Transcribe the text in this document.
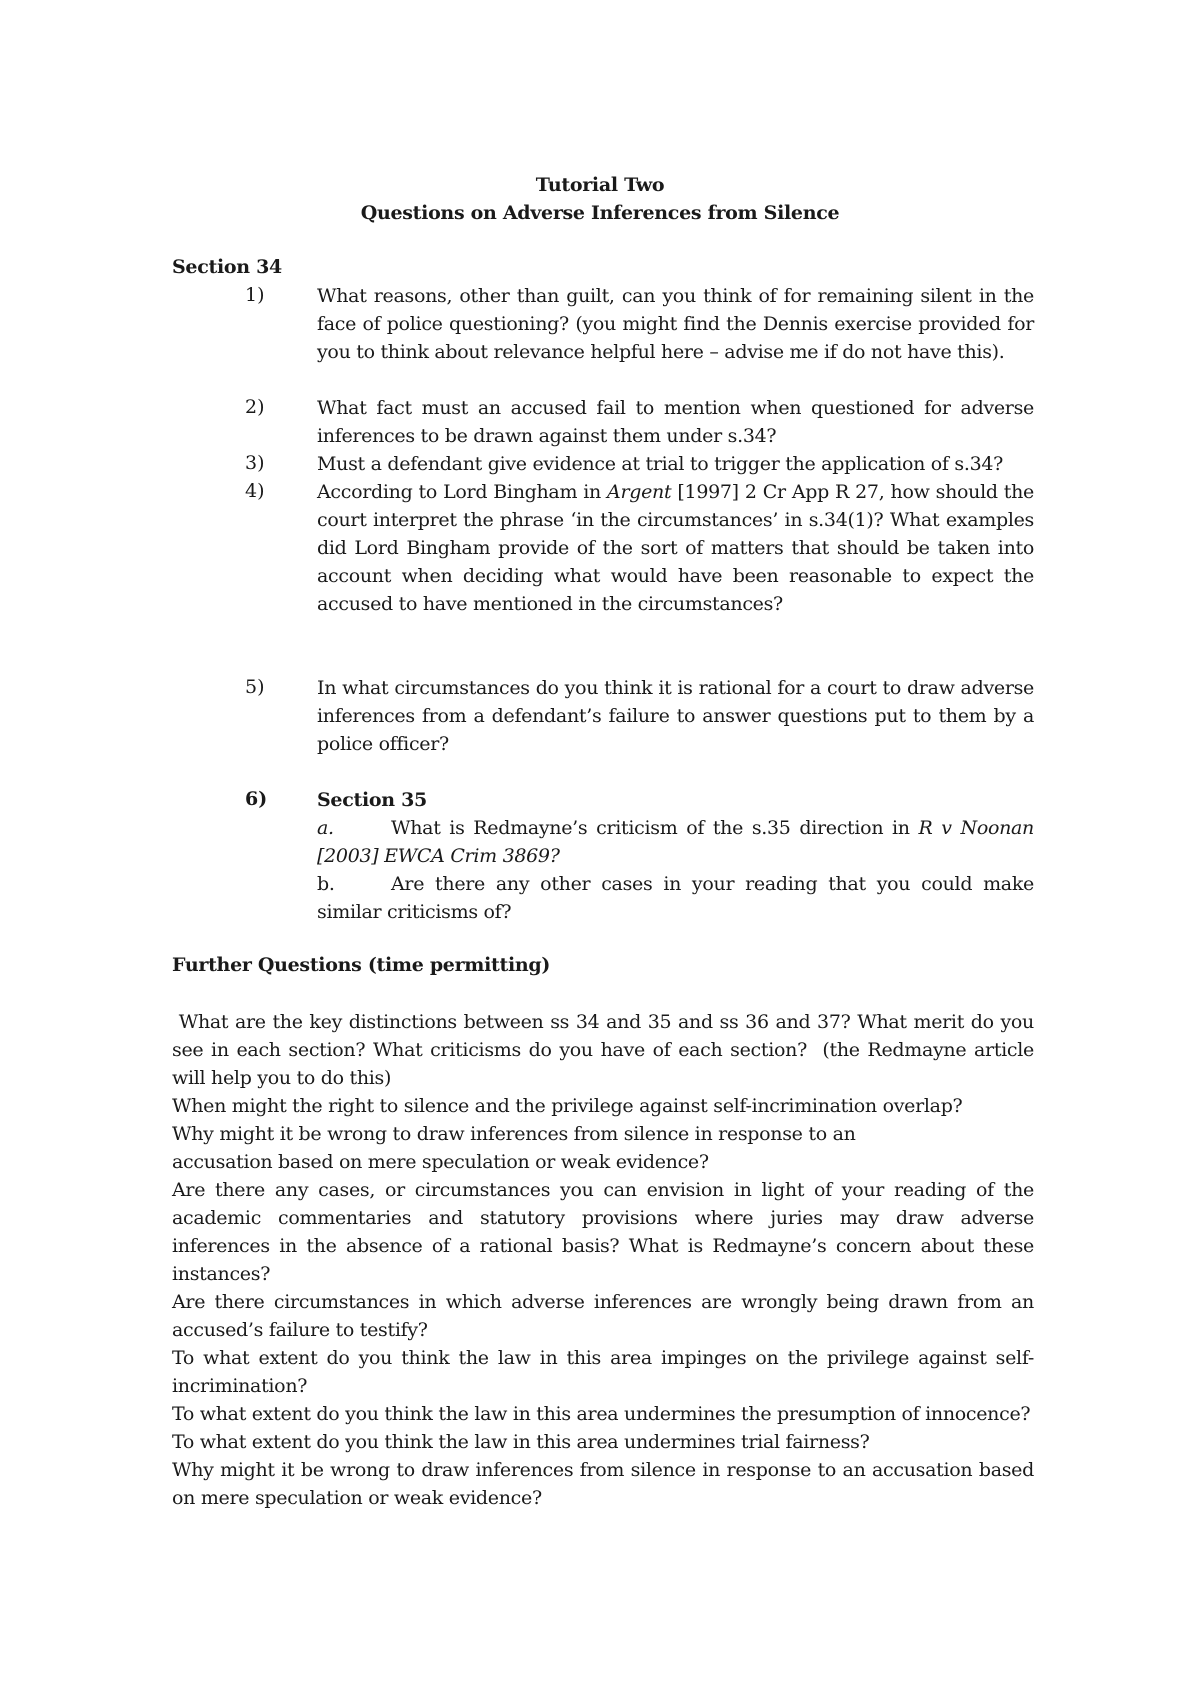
Tutorial Two
Questions on Adverse Inferences from Silence
Section 34
1)	What reasons, other than guilt, can you think of for remaining silent in the face of police questioning? (you might find the Dennis exercise provided for you to think about relevance helpful here – advise me if do not have this).
2)	What fact must an accused fail to mention when questioned for adverse inferences to be drawn against them under s.34?
3)	Must a defendant give evidence at trial to trigger the application of s.34?
4)	According to Lord Bingham in Argent [1997] 2 Cr App R 27, how should the court interpret the phrase ‘in the circumstances’ in s.34(1)? What examples did Lord Bingham provide of the sort of matters that should be taken into account when deciding what would have been reasonable to expect the accused to have mentioned in the circumstances?
5)	In what circumstances do you think it is rational for a court to draw adverse inferences from a defendant’s failure to answer questions put to them by a police officer?
6)	Section 35
a.	What is Redmayne’s criticism of the s.35 direction in R v Noonan [2003] EWCA Crim 3869?
b.	Are there any other cases in your reading that you could make similar criticisms of?
Further Questions (time permitting)

What are the key distinctions between ss 34 and 35 and ss 36 and 37? What merit do you see in each section? What criticisms do you have of each section?  (the Redmayne article will help you to do this)

When might the right to silence and the privilege against self-incrimination overlap?

Why might it be wrong to draw inferences from silence in response to an

accusation based on mere speculation or weak evidence?

Are there any cases, or circumstances you can envision in light of your reading of the academic commentaries and statutory provisions where juries may draw adverse inferences in the absence of a rational basis? What is Redmayne’s concern about these instances?

Are there circumstances in which adverse inferences are wrongly being drawn from an accused’s failure to testify?

To what extent do you think the law in this area impinges on the privilege against self-incrimination?

To what extent do you think the law in this area undermines the presumption of innocence?

To what extent do you think the law in this area undermines trial fairness?

Why might it be wrong to draw inferences from silence in response to an accusation based on mere speculation or weak evidence?
